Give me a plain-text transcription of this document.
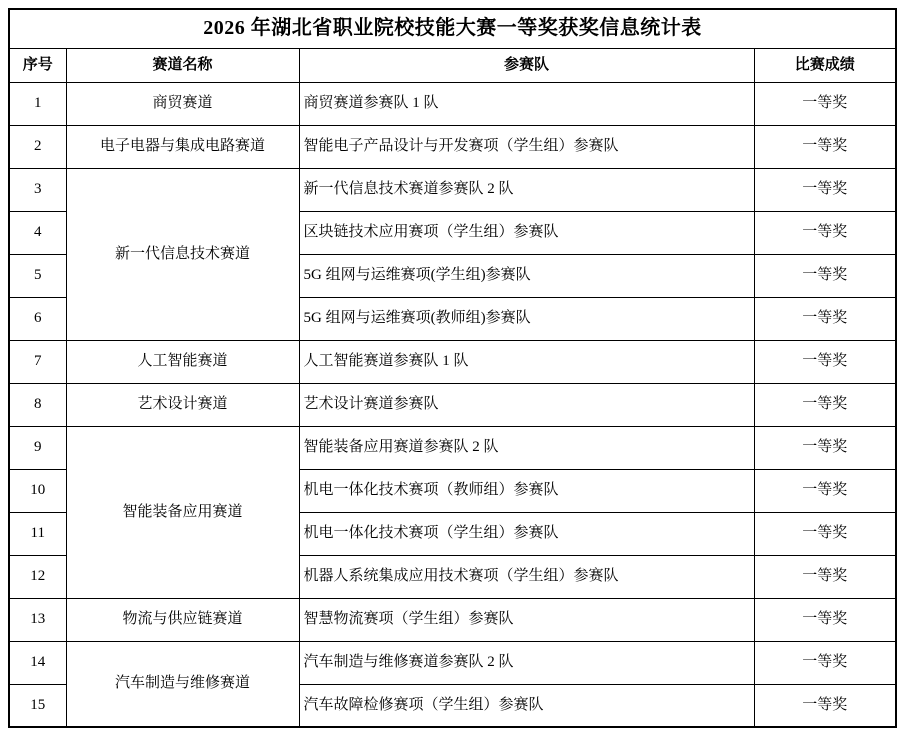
2026 年湖北省职业院校技能大赛一等奖获奖信息统计表			
序号	赛道名称	参赛队	比赛成绩
1	商贸赛道	商贸赛道参赛队 1 队	一等奖
2	电子电器与集成电路赛道	智能电子产品设计与开发赛项（学生组）参赛队	一等奖
3	新一代信息技术赛道	新一代信息技术赛道参赛队 2 队	一等奖
4		区块链技术应用赛项（学生组）参赛队	一等奖
5		5G 组网与运维赛项(学生组)参赛队	一等奖
6		5G 组网与运维赛项(教师组)参赛队	一等奖
7	人工智能赛道	人工智能赛道参赛队 1 队	一等奖
8	艺术设计赛道	艺术设计赛道参赛队	一等奖
9	智能装备应用赛道	智能装备应用赛道参赛队 2 队	一等奖
10		机电一体化技术赛项（教师组）参赛队	一等奖
11		机电一体化技术赛项（学生组）参赛队	一等奖
12		机器人系统集成应用技术赛项（学生组）参赛队	一等奖
13	物流与供应链赛道	智慧物流赛项（学生组）参赛队	一等奖
14	汽车制造与维修赛道	汽车制造与维修赛道参赛队 2 队	一等奖
15		汽车故障检修赛项（学生组）参赛队	一等奖
